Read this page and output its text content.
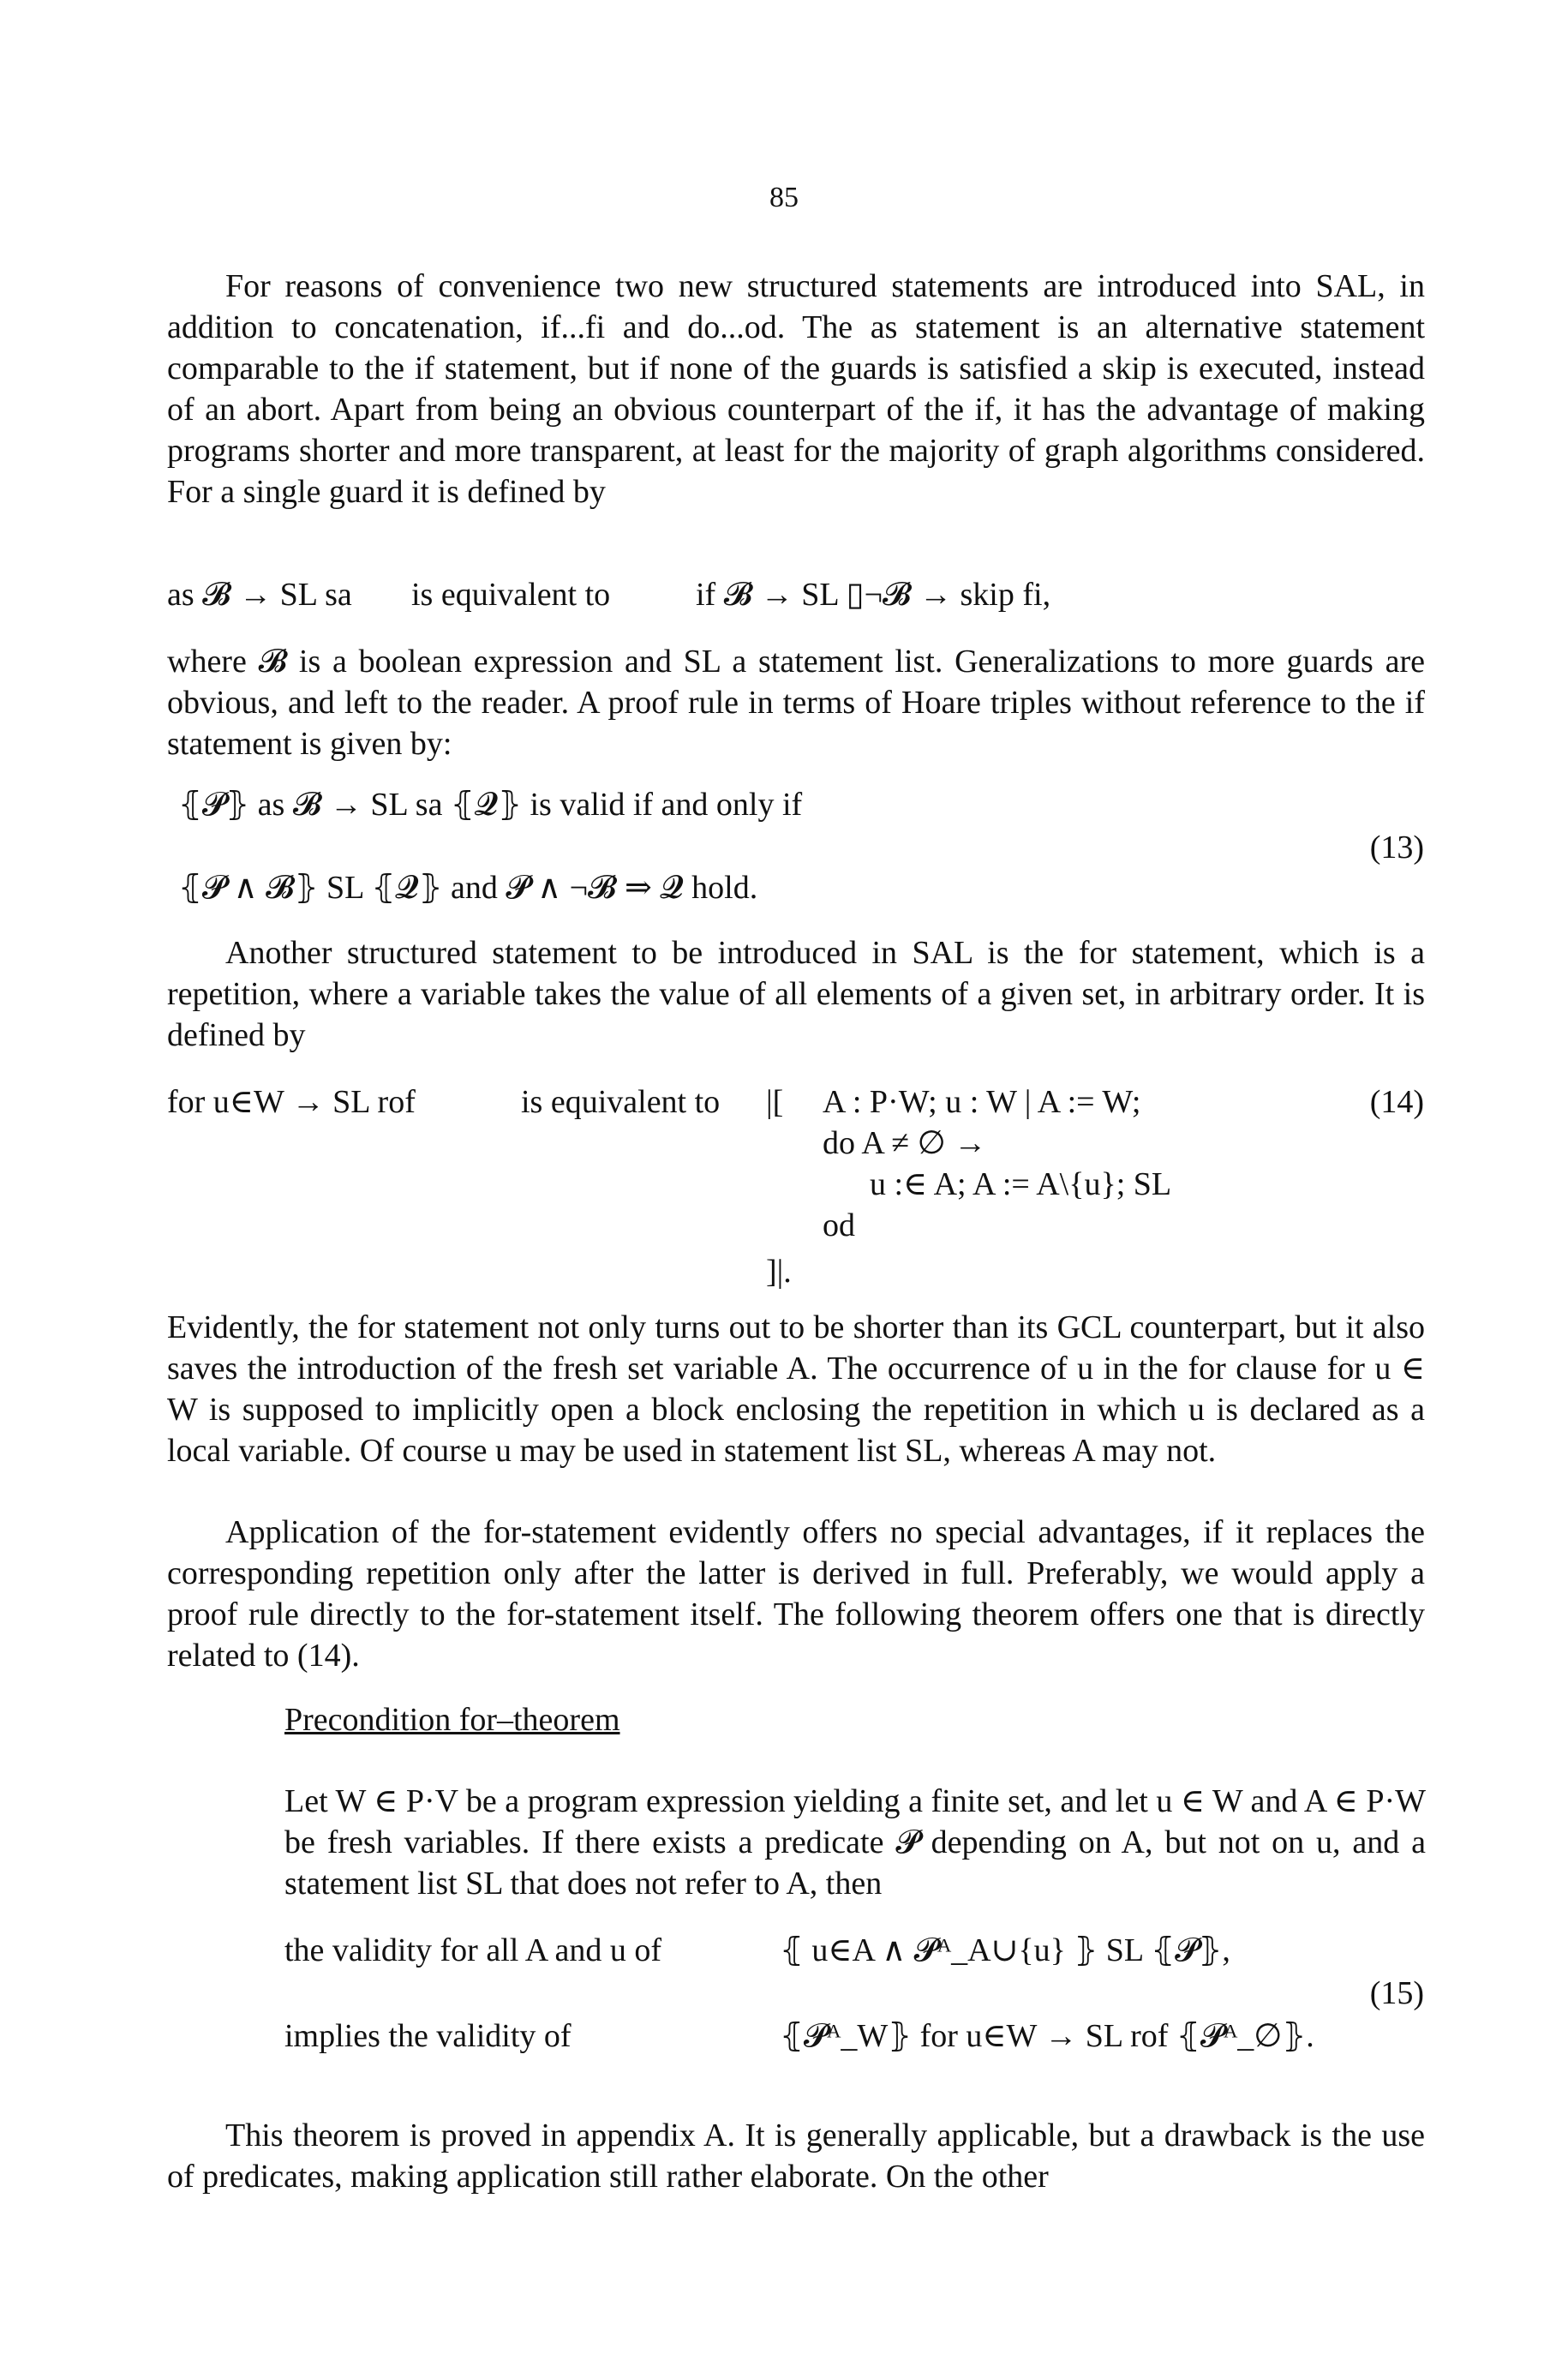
85
For reasons of convenience two new structured statements are introduced into SAL, in addition to concatenation, if...fi and do...od. The as statement is an alternative statement comparable to the if statement, but if none of the guards is satisfied a skip is executed, instead of an abort. Apart from being an obvious counterpart of the if, it has the advantage of making programs shorter and more transparent, at least for the majority of graph algorithms considered. For a single guard it is defined by
as 𝓑 → SL sa is equivalent to	if 𝓑 → SL ▯¬𝓑 → skip fi,
where 𝓑 is a boolean expression and SL a statement list. Generalizations to more guards are obvious, and left to the reader. A proof rule in terms of Hoare triples without reference to the if statement is given by:
⦃𝓟⦄ as 𝓑 → SL sa ⦃𝓠⦄ is valid if and only if
⦃𝓟 ∧ 𝓑⦄ SL ⦃𝓠⦄ and 𝓟 ∧ ¬𝓑 ⇒ 𝓠 hold.
(13)
Another structured statement to be introduced in SAL is the for statement, which is a repetition, where a variable takes the value of all elements of a given set, in arbitrary order. It is defined by
for u∈W → SL rof	is equivalent to |[ A : P·W; u : W | A := W;
do A ≠ ∅ →
u :∈ A; A := A\{u}; SL
od
]|.
(14)
Evidently, the for statement not only turns out to be shorter than its GCL counterpart, but it also saves the introduction of the fresh set variable A. The occurrence of u in the for clause for u ∈ W is supposed to implicitly open a block enclosing the repetition in which u is declared as a local variable. Of course u may be used in statement list SL, whereas A may not.
Application of the for-statement evidently offers no special advantages, if it replaces the corresponding repetition only after the latter is derived in full. Preferably, we would apply a proof rule directly to the for-statement itself. The following theorem offers one that is directly related to (14).
Precondition for–theorem
Let W ∈ P·V be a program expression yielding a finite set, and let u ∈ W and A ∈ P·W be fresh variables. If there exists a predicate 𝓟 depending on A, but not on u, and a statement list SL that does not refer to A, then
the validity for all A and u of	⦃ u∈A ∧ 𝓟ᴬ_A∪{u} ⦄ SL ⦃𝓟⦄,
(15)
implies the validity of	⦃𝓟ᴬ_W⦄ for u∈W → SL rof ⦃𝓟ᴬ_∅⦄.
This theorem is proved in appendix A. It is generally applicable, but a drawback is the use of predicates, making application still rather elaborate. On the other
